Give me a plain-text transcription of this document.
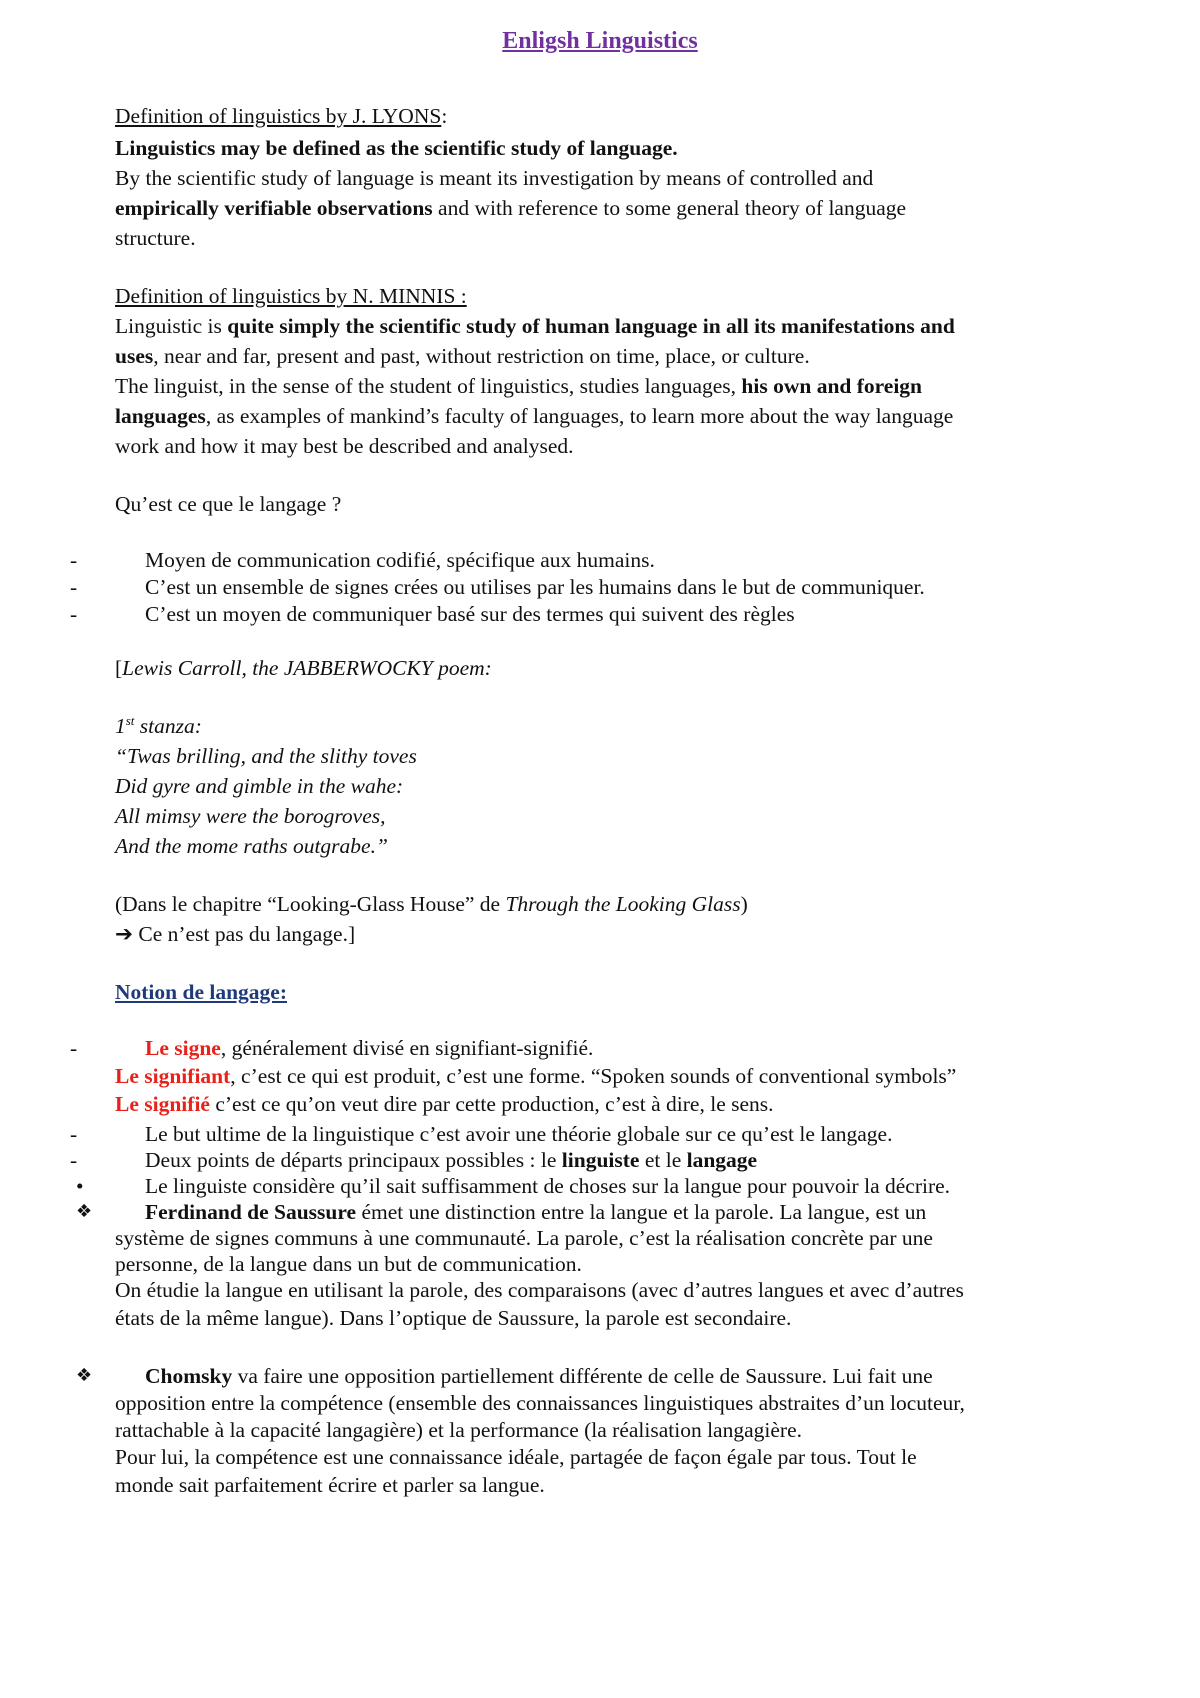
Enligsh Linguistics

Definition of linguistics by J. LYONS:

Linguistics may be defined as the scientific study of language.

By the scientific study of language is meant its investigation by means of controlled and

empirically verifiable observations and with reference to some general theory of language

structure.

Definition of linguistics by N. MINNIS :

Linguistic is quite simply the scientific study of human language in all its manifestations and

uses, near and far, present and past, without restriction on time, place, or culture.

The linguist, in the sense of the student of linguistics, studies languages, his own and foreign

languages, as examples of mankind’s faculty of languages, to learn more about the way language

work and how it may best be described and analysed.

Qu’est ce que le langage ?

-	Moyen de communication codifié, spécifique aux humains.

-	C’est un ensemble de signes crées ou utilises par les humains dans le but de communiquer.

-	C’est un moyen de communiquer basé sur des termes qui suivent des règles

[Lewis Carroll, the JABBERWOCKY poem:

1st stanza:

“Twas brilling, and the slithy toves

Did gyre and gimble in the wahe:

All mimsy were the borogroves,

And the mome raths outgrabe.”

(Dans le chapitre “Looking-Glass House” de Through the Looking Glass)

➔ Ce n’est pas du langage.]

Notion de langage:

-	Le signe, généralement divisé en signifiant-signifié.

Le signifiant, c’est ce qui est produit, c’est une forme. “Spoken sounds of conventional symbols”

Le signifié c’est ce qu’on veut dire par cette production, c’est à dire, le sens.

-	Le but ultime de la linguistique c’est avoir une théorie globale sur ce qu’est le langage.

-	Deux points de départs principaux possibles : le linguiste et le langage

•	Le linguiste considère qu’il sait suffisamment de choses sur la langue pour pouvoir la décrire.

❖ Ferdinand de Saussure émet une distinction entre la langue et la parole. La langue, est un

système de signes communs à une communauté. La parole, c’est la réalisation concrète par une

personne, de la langue dans un but de communication.

On étudie la langue en utilisant la parole, des comparaisons (avec d’autres langues et avec d’autres

états de la même langue). Dans l’optique de Saussure, la parole est secondaire.

❖ Chomsky va faire une opposition partiellement différente de celle de Saussure. Lui fait une

opposition entre la compétence (ensemble des connaissances linguistiques abstraites d’un locuteur,

rattachable à la capacité langagière) et la performance (la réalisation langagière.

Pour lui, la compétence est une connaissance idéale, partagée de façon égale par tous. Tout le

monde sait parfaitement écrire et parler sa langue.
